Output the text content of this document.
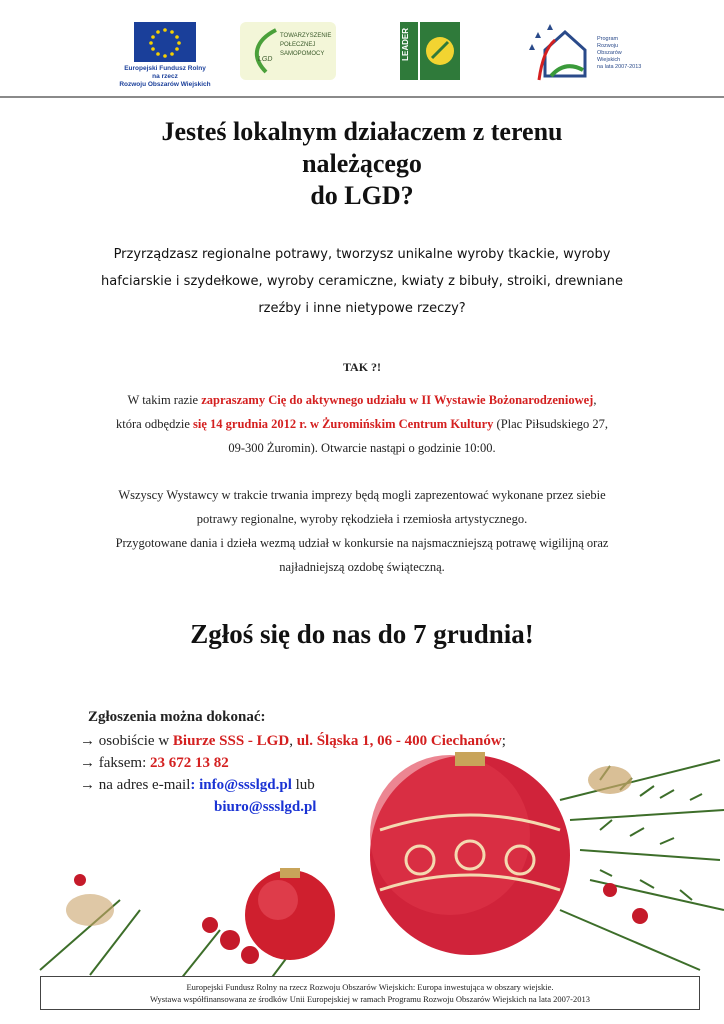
Europejski Fundusz Rolny
na rzecz
Rozwoju Obszarów Wiejskich
TOWARZYSZENIE
POŁECZNEJ
SAMOPOMOCY
LGD	LEADER	Program
Rozwoju
Obszarów
Wiejskich
na lata 2007-2013
Jesteś lokalnym działaczem z terenu
należącego
do LGD?
Przyrządzasz regionalne potrawy, tworzysz unikalne wyroby tkackie, wyroby
hafciarskie i szydełkowe, wyroby ceramiczne, kwiaty z bibuły, stroiki, drewniane
rzeźby i inne nietypowe rzeczy?
TAK ?!
W takim razie zapraszamy Cię do aktywnego udziału w II Wystawie Bożonarodzeniowej,
która odbędzie się 14 grudnia 2012 r. w Żuromińskim Centrum Kultury (Plac Piłsudskiego 27,
09-300 Żuromin). Otwarcie nastąpi o godzinie 10:00.
Wszyscy Wystawcy w trakcie trwania imprezy będą mogli zaprezentować wykonane przez siebie
potrawy regionalne, wyroby rękodzieła i rzemiosła artystycznego.
Przygotowane dania i dzieła wezmą udział w konkursie na najsmaczniejszą potrawę wigilijną oraz
najładniejszą ozdobę świąteczną.
Zgłoś się do nas do 7 grudnia!
Zgłoszenia można dokonać:
→ osobiście w Biurze SSS - LGD, ul. Śląska 1, 06 - 400 Ciechanów;
→ faksem: 23 672 13 82
→ na adres e-mail: info@ssslgd.pl lub
biuro@ssslgd.pl
Europejski Fundusz Rolny na rzecz Rozwoju Obszarów Wiejskich: Europa inwestująca w obszary wiejskie.
Wystawa współfinansowana ze środków Unii Europejskiej w ramach Programu Rozwoju Obszarów Wiejskich na lata 2007-2013
